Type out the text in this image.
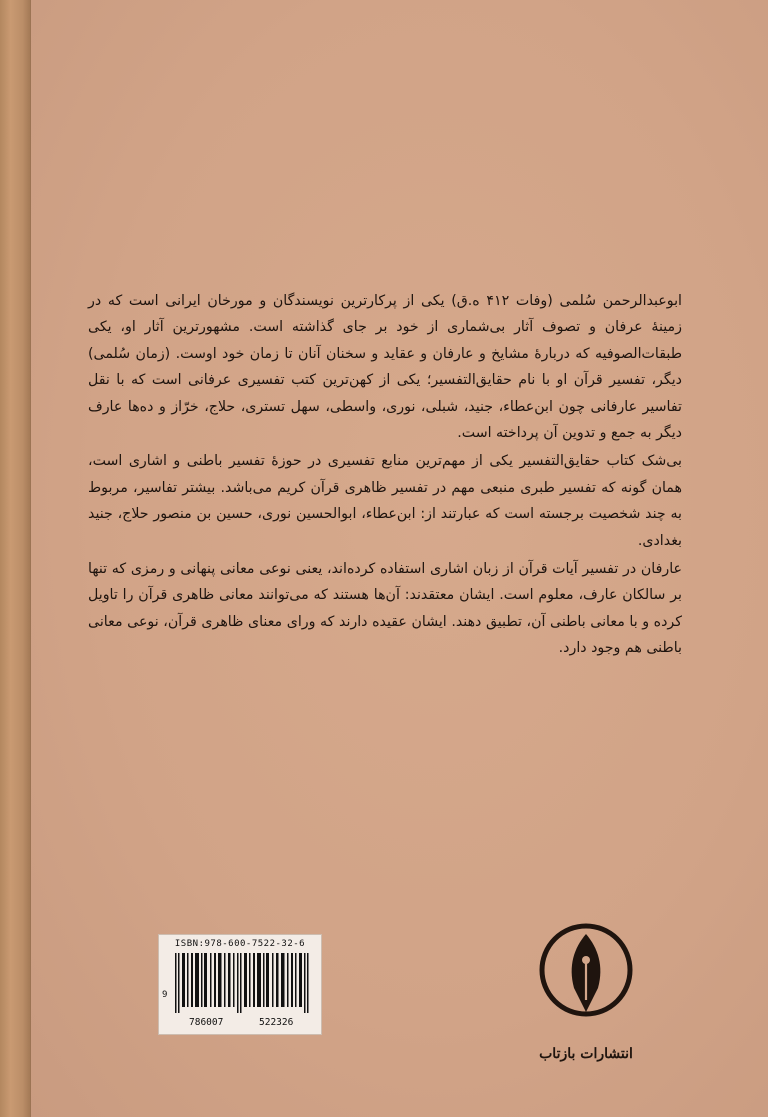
ابوعبدالرحمن سُلمی (وفات ۴۱۲ ه.ق) یکی از پرکارترین نویسندگان و مورخان ایرانی است که در زمینهٔ عرفان و تصوف آثار بی‌شماری از خود بر جای گذاشته است. مشهورترین آثار او، یکی طبقات‌الصوفیه که دربارهٔ مشایخ و عارفان و عقاید و سخنان آنان تا زمان خود اوست. (زمان سُلمی) دیگر، تفسیر قرآن او با نام حقایق‌التفسیر؛ یکی از کهن‌ترین کتب تفسیری عرفانی است که با نقل تفاسیر عارفانی چون ابن‌عطاء، جنید، شبلی، نوری، واسطی، سهل تستری، حلاج، خرّاز و ده‌ها عارف دیگر به جمع و تدوین آن پرداخته است.

بی‌شک کتاب حقایق‌التفسیر یکی از مهم‌ترین منابع تفسیری در حوزهٔ تفسیر باطنی و اشاری است، همان گونه که تفسیر طبری منبعی مهم در تفسیر ظاهری قرآن کریم می‌باشد. بیشتر تفاسیر، مربوط به چند شخصیت برجسته است که عبارتند از: ابن‌عطاء، ابوالحسین نوری، حسین بن منصور حلاج، جنید بغدادی.

عارفان در تفسیر آیات قرآن از زبان اشاری استفاده کرده‌اند، یعنی نوعی معانی پنهانی و رمزی که تنها بر سالکان عارف، معلوم است. ایشان معتقدند: آن‌ها هستند که می‌توانند معانی ظاهری قرآن را تاویل کرده و با معانی باطنی آن، تطبیق دهند. ایشان عقیده دارند که ورای معنای ظاهری قرآن، نوعی معانی باطنی هم وجود دارد.

ISBN:978-600-7522-32-6
9
786007	522326
انتشارات بازتاب
